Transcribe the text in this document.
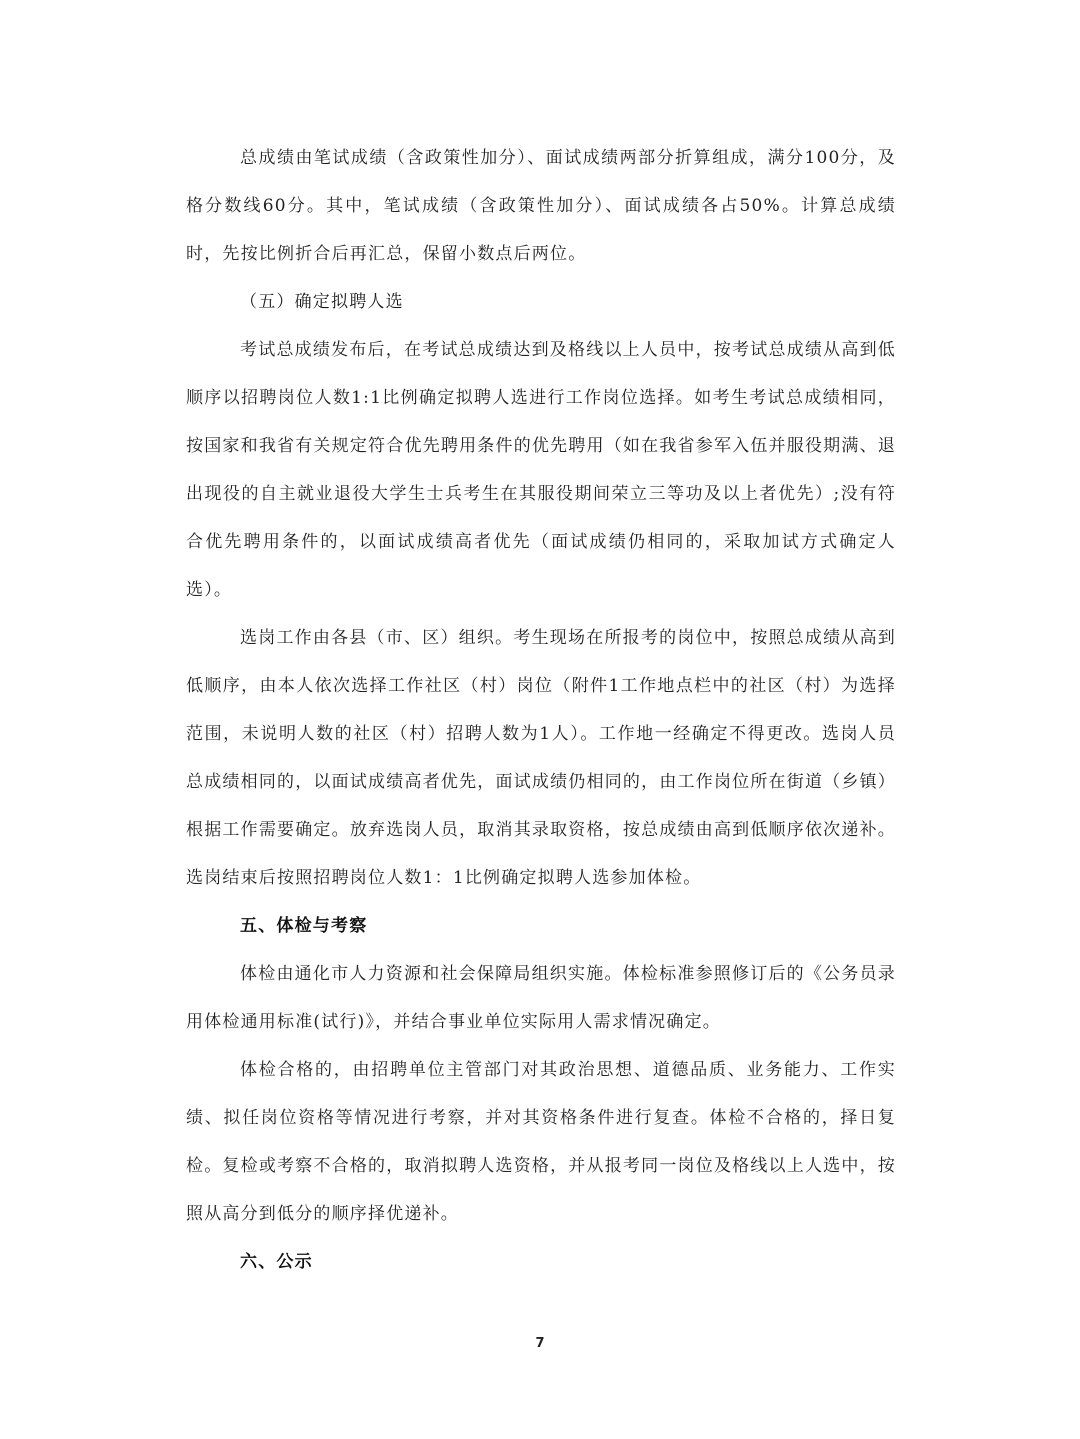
总成绩由笔试成绩（含政策性加分）、面试成绩两部分折算组成，满分100分，及格分数线60分。其中，笔试成绩（含政策性加分）、面试成绩各占50%。计算总成绩时，先按比例折合后再汇总，保留小数点后两位。

（五）确定拟聘人选

考试总成绩发布后，在考试总成绩达到及格线以上人员中，按考试总成绩从高到低顺序以招聘岗位人数1:1比例确定拟聘人选进行工作岗位选择。如考生考试总成绩相同，按国家和我省有关规定符合优先聘用条件的优先聘用（如在我省参军入伍并服役期满、退出现役的自主就业退役大学生士兵考生在其服役期间荣立三等功及以上者优先）;没有符合优先聘用条件的，以面试成绩高者优先（面试成绩仍相同的，采取加试方式确定人选）。

选岗工作由各县（市、区）组织。考生现场在所报考的岗位中，按照总成绩从高到低顺序，由本人依次选择工作社区（村）岗位（附件1工作地点栏中的社区（村）为选择范围，未说明人数的社区（村）招聘人数为1人）。工作地一经确定不得更改。选岗人员总成绩相同的，以面试成绩高者优先，面试成绩仍相同的，由工作岗位所在街道（乡镇）根据工作需要确定。放弃选岗人员，取消其录取资格，按总成绩由高到低顺序依次递补。选岗结束后按照招聘岗位人数1：1比例确定拟聘人选参加体检。

五、体检与考察

体检由通化市人力资源和社会保障局组织实施。体检标准参照修订后的《公务员录用体检通用标准(试行)》，并结合事业单位实际用人需求情况确定。

体检合格的，由招聘单位主管部门对其政治思想、道德品质、业务能力、工作实绩、拟任岗位资格等情况进行考察，并对其资格条件进行复查。体检不合格的，择日复检。复检或考察不合格的，取消拟聘人选资格，并从报考同一岗位及格线以上人选中，按照从高分到低分的顺序择优递补。

六、公示

7
